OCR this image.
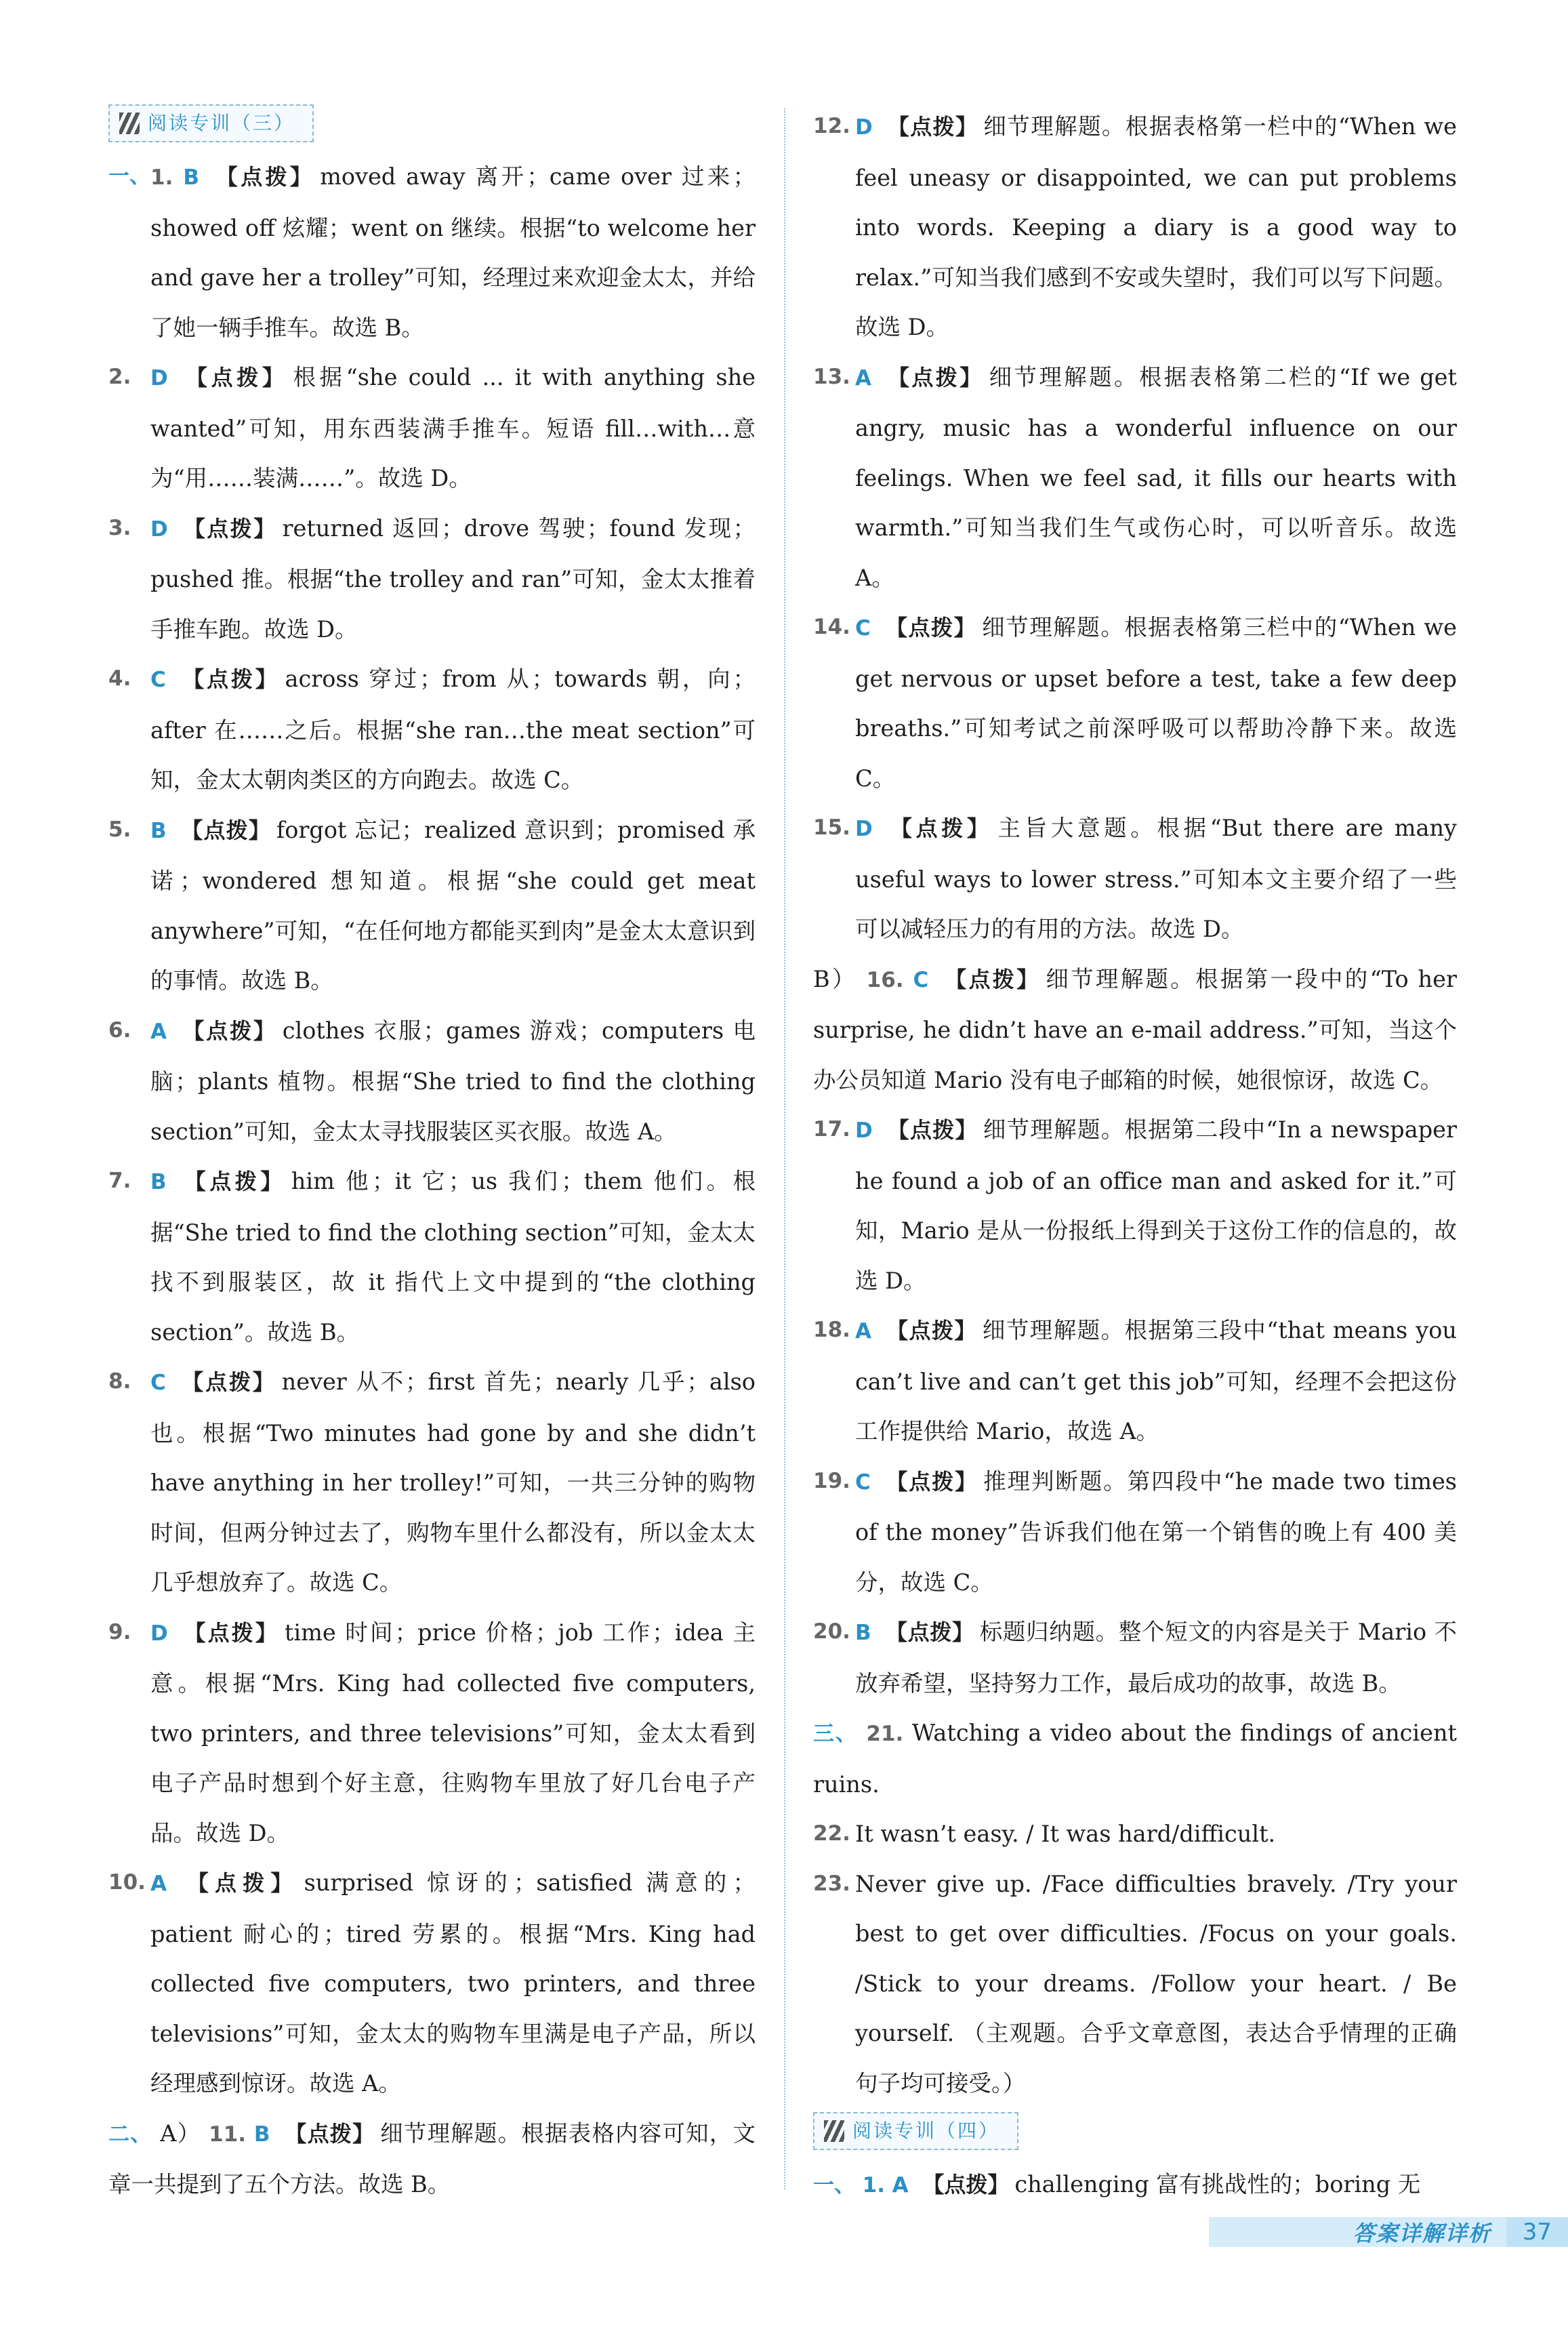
阅读专训（三）
一、 1. B 【点拨】 moved away 离开；came over 过来；showed off 炫耀；went on 继续。根据“to welcome her and gave her a trolley”可知，经理过来欢迎金太太，并给了她一辆手推车。故选 B。
2. D 【点拨】 根据“she could ... it with anything she wanted”可知，用东西装满手推车。短语 fill…with…意为“用……装满……”。故选 D。
3. D 【点拨】 returned 返回；drove 驾驶；found 发现；pushed 推。根据“the trolley and ran”可知，金太太推着手推车跑。故选 D。
4. C 【点拨】 across 穿过；from 从；towards 朝，向；after 在……之后。根据“she ran…the meat section”可知，金太太朝肉类区的方向跑去。故选 C。
5. B 【点拨】 forgot 忘记；realized 意识到；promised 承诺；wondered 想知道。根据“she could get meat anywhere”可知，“在任何地方都能买到肉”是金太太意识到的事情。故选 B。
6. A 【点拨】 clothes 衣服；games 游戏；computers 电脑；plants 植物。根据“She tried to find the clothing section”可知，金太太寻找服装区买衣服。故选 A。
7. B 【点拨】 him 他；it 它；us 我们；them 他们。根据“She tried to find the clothing section”可知，金太太找不到服装区，故 it 指代上文中提到的“the clothing section”。故选 B。
8. C 【点拨】 never 从不；first 首先；nearly 几乎；also 也。根据“Two minutes had gone by and she didn’t have anything in her trolley!”可知，一共三分钟的购物时间，但两分钟过去了，购物车里什么都没有，所以金太太几乎想放弃了。故选 C。
9. D 【点拨】 time 时间；price 价格；job 工作；idea 主意。根据“Mrs. King had collected five computers, two printers, and three televisions”可知，金太太看到电子产品时想到个好主意，往购物车里放了好几台电子产品。故选 D。
10. A 【点拨】 surprised 惊讶的；satisfied 满意的；patient 耐心的；tired 劳累的。根据“Mrs. King had collected five computers, two printers, and three televisions”可知，金太太的购物车里满是电子产品，所以经理感到惊讶。故选 A。
二、 A） 11. B 【点拨】 细节理解题。根据表格内容可知，文章一共提到了五个方法。故选 B。
12. D 【点拨】 细节理解题。根据表格第一栏中的“When we feel uneasy or disappointed, we can put problems into words. Keeping a diary is a good way to relax.”可知当我们感到不安或失望时，我们可以写下问题。故选 D。
13. A 【点拨】 细节理解题。根据表格第二栏的“If we get angry, music has a wonderful influence on our feelings. When we feel sad, it fills our hearts with warmth.”可知当我们生气或伤心时，可以听音乐。故选 A。
14. C 【点拨】 细节理解题。根据表格第三栏中的“When we get nervous or upset before a test, take a few deep breaths.”可知考试之前深呼吸可以帮助冷静下来。故选 C。
15. D 【点拨】 主旨大意题。根据“But there are many useful ways to lower stress.”可知本文主要介绍了一些可以减轻压力的有用的方法。故选 D。
B） 16. C 【点拨】 细节理解题。根据第一段中的“To her surprise, he didn’t have an e-mail address.”可知，当这个办公员知道 Mario 没有电子邮箱的时候，她很惊讶，故选 C。
17. D 【点拨】 细节理解题。根据第二段中“In a newspaper he found a job of an office man and asked for it.”可知，Mario 是从一份报纸上得到关于这份工作的信息的，故选 D。
18. A 【点拨】 细节理解题。根据第三段中“that means you can’t live and can’t get this job”可知，经理不会把这份工作提供给 Mario，故选 A。
19. C 【点拨】 推理判断题。第四段中“he made two times of the money”告诉我们他在第一个销售的晚上有 400 美分，故选 C。
20. B 【点拨】 标题归纳题。整个短文的内容是关于 Mario 不放弃希望，坚持努力工作，最后成功的故事，故选 B。
三、 21. Watching a video about the findings of ancient ruins.
22. It wasn’t easy. / It was hard/difficult.
23. Never give up. /Face difficulties bravely. /Try your best to get over difficulties. /Focus on your goals. /Stick to your dreams. /Follow your heart. / Be yourself. （主观题。合乎文章意图，表达合乎情理的正确句子均可接受。）
阅读专训（四）
一、 1. A 【点拨】 challenging 富有挑战性的；boring 无
答案详解详析	37
